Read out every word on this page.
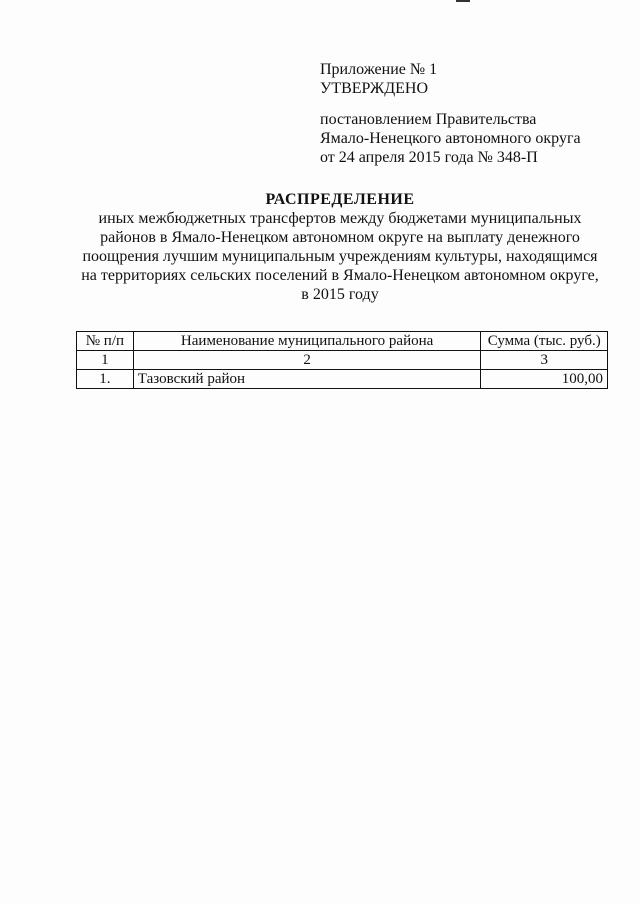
Приложение № 1
УТВЕРЖДЕНО
постановлением Правительства
Ямало-Ненецкого автономного округа
от 24 апреля 2015 года № 348-П
РАСПРЕДЕЛЕНИЕ
иных межбюджетных трансфертов между бюджетами муниципальных
районов в Ямало-Ненецком автономном округе на выплату денежного
поощрения лучшим муниципальным учреждениям культуры, находящимся
на территориях сельских поселений в Ямало-Ненецком автономном округе,
в 2015 году
№ п/п	Наименование муниципального района	Сумма (тыс. руб.)
1	2	3
1.	Тазовский район	100,00
